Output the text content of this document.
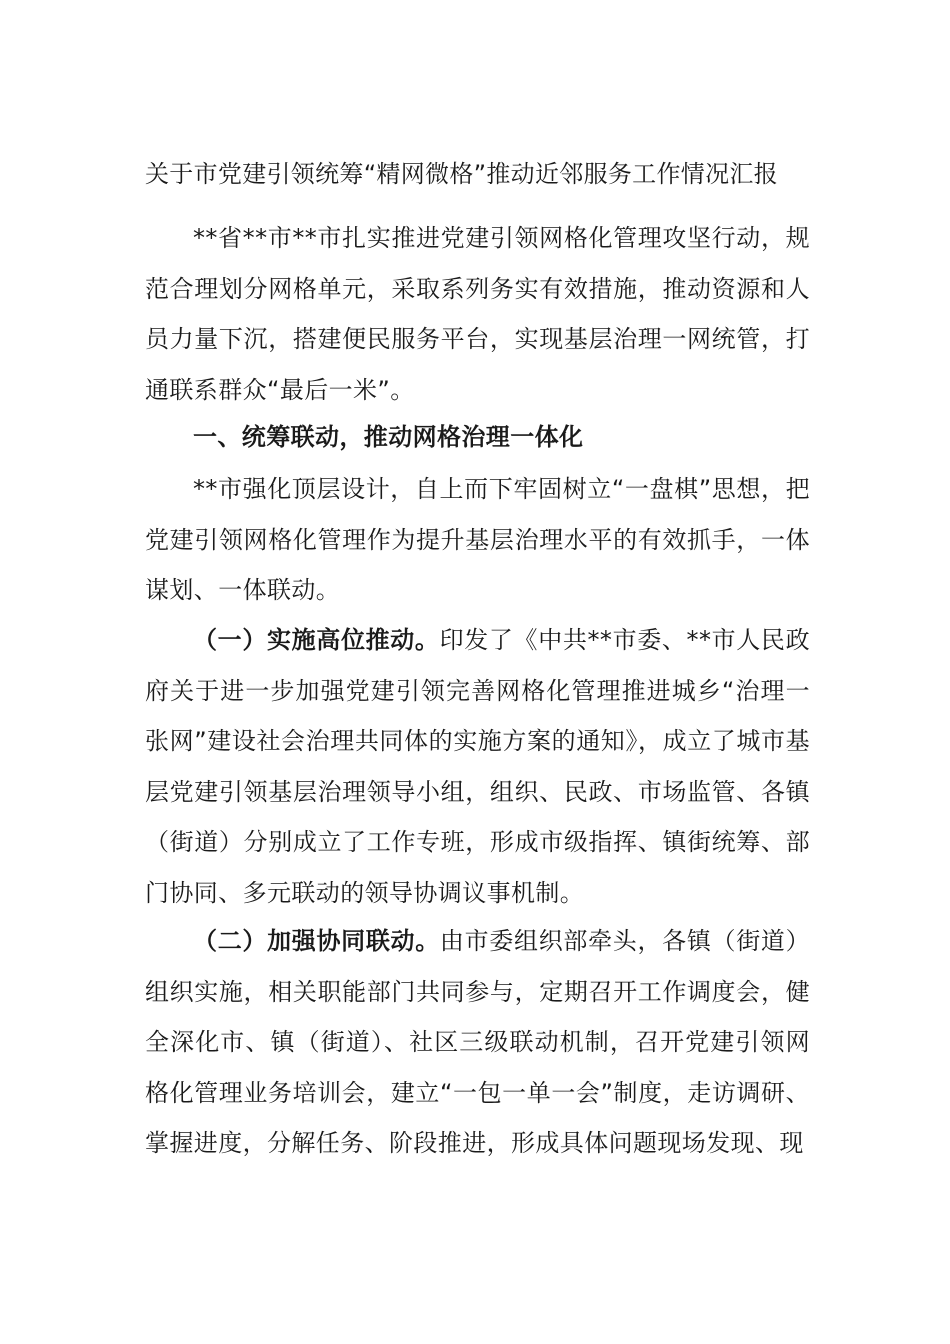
关于市党建引领统筹“精网微格”推动近邻服务工作情况汇报
**省**市**市扎实推进党建引领网格化管理攻坚行动，规范合理划分网格单元，采取系列务实有效措施，推动资源和人员力量下沉，搭建便民服务平台，实现基层治理一网统管，打通联系群众“最后一米”。
一、统筹联动，推动网格治理一体化
**市强化顶层设计，自上而下牢固树立“一盘棋”思想，把党建引领网格化管理作为提升基层治理水平的有效抓手，一体谋划、一体联动。
（一）实施高位推动。印发了《中共**市委、**市人民政府关于进一步加强党建引领完善网格化管理推进城乡“治理一张网”建设社会治理共同体的实施方案的通知》，成立了城市基层党建引领基层治理领导小组，组织、民政、市场监管、各镇（街道）分别成立了工作专班，形成市级指挥、镇街统筹、部门协同、多元联动的领导协调议事机制。
（二）加强协同联动。由市委组织部牵头，各镇（街道）组织实施，相关职能部门共同参与，定期召开工作调度会，健全深化市、镇（街道）、社区三级联动机制，召开党建引领网格化管理业务培训会，建立“一包一单一会”制度，走访调研、掌握进度，分解任务、阶段推进，形成具体问题现场发现、现
